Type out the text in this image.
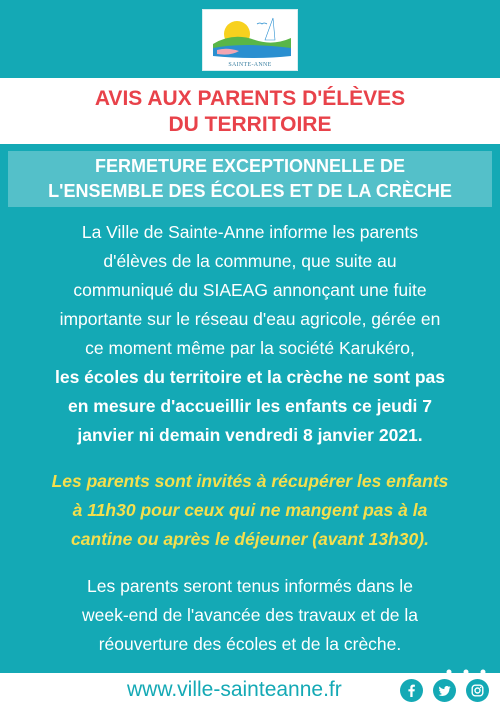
SAINTE-ANNE
AVIS AUX PARENTS D'ÉLÈVES
DU TERRITOIRE
FERMETURE EXCEPTIONNELLE DE
L'ENSEMBLE DES ÉCOLES ET DE LA CRÈCHE
La Ville de Sainte-Anne informe les parents
d'élèves de la commune, que suite au
communiqué du SIAEAG annonçant une fuite
importante sur le réseau d'eau agricole, gérée en
ce moment même par la société Karukéro,
les écoles du territoire et la crèche ne sont pas
en mesure d'accueillir les enfants ce jeudi 7
janvier ni demain vendredi 8 janvier 2021.
Les parents sont invités à récupérer les enfants
à 11h30 pour ceux qui ne mangent pas à la
cantine ou après le déjeuner (avant 13h30).
Les parents seront tenus informés dans le
week-end de l'avancée des travaux et de la
réouverture des écoles et de la crèche.
www.ville-sainteanne.fr
